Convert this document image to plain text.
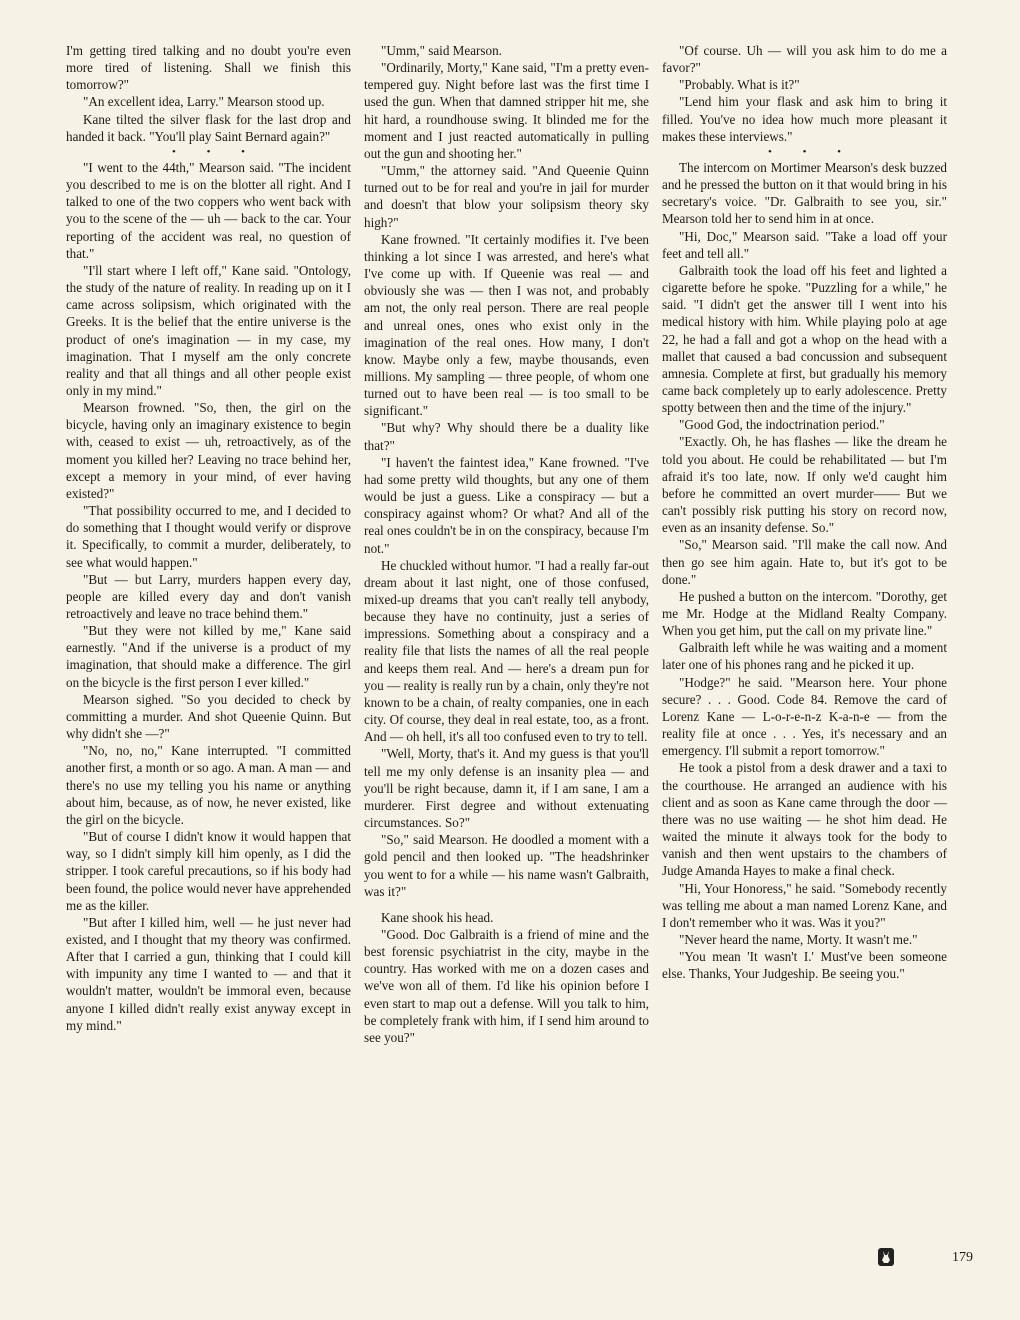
I'm getting tired talking and no doubt you're even more tired of listening. Shall we finish this tomorrow?"

"An excellent idea, Larry." Mearson stood up.

Kane tilted the silver flask for the last drop and handed it back. "You'll play Saint Bernard again?"

• • •

"I went to the 44th," Mearson said. "The incident you described to me is on the blotter all right. And I talked to one of the two coppers who went back with you to the scene of the — uh — back to the car. Your reporting of the accident was real, no question of that."

"I'll start where I left off," Kane said. "Ontology, the study of the nature of reality. In reading up on it I came across solipsism, which originated with the Greeks. It is the belief that the entire universe is the product of one's imagination — in my case, my imagination. That I myself am the only concrete reality and that all things and all other people exist only in my mind."

Mearson frowned. "So, then, the girl on the bicycle, having only an imaginary existence to begin with, ceased to exist — uh, retroactively, as of the moment you killed her? Leaving no trace behind her, except a memory in your mind, of ever having existed?"

"That possibility occurred to me, and I decided to do something that I thought would verify or disprove it. Specifically, to commit a murder, deliberately, to see what would happen."

"But — but Larry, murders happen every day, people are killed every day and don't vanish retroactively and leave no trace behind them."

"But they were not killed by me," Kane said earnestly. "And if the universe is a product of my imagination, that should make a difference. The girl on the bicycle is the first person I ever killed."

Mearson sighed. "So you decided to check by committing a murder. And shot Queenie Quinn. But why didn't she —?"

"No, no, no," Kane interrupted. "I committed another first, a month or so ago. A man. A man — and there's no use my telling you his name or anything about him, because, as of now, he never existed, like the girl on the bicycle.

"But of course I didn't know it would happen that way, so I didn't simply kill him openly, as I did the stripper. I took careful precautions, so if his body had been found, the police would never have apprehended me as the killer.

"But after I killed him, well — he just never had existed, and I thought that my theory was confirmed. After that I carried a gun, thinking that I could kill with impunity any time I wanted to — and that it wouldn't matter, wouldn't be immoral even, because anyone I killed didn't really exist anyway except in my mind."

"Umm," said Mearson.

"Ordinarily, Morty," Kane said, "I'm a pretty even-tempered guy. Night before last was the first time I used the gun. When that damned stripper hit me, she hit hard, a roundhouse swing. It blinded me for the moment and I just reacted automatically in pulling out the gun and shooting her."

"Umm," the attorney said. "And Queenie Quinn turned out to be for real and you're in jail for murder and doesn't that blow your solipsism theory sky high?"

Kane frowned. "It certainly modifies it. I've been thinking a lot since I was arrested, and here's what I've come up with. If Queenie was real — and obviously she was — then I was not, and probably am not, the only real person. There are real people and unreal ones, ones who exist only in the imagination of the real ones. How many, I don't know. Maybe only a few, maybe thousands, even millions. My sampling — three people, of whom one turned out to have been real — is too small to be significant."

"But why? Why should there be a duality like that?"

"I haven't the faintest idea," Kane frowned. "I've had some pretty wild thoughts, but any one of them would be just a guess. Like a conspiracy — but a conspiracy against whom? Or what? And all of the real ones couldn't be in on the conspiracy, because I'm not."

He chuckled without humor. "I had a really far-out dream about it last night, one of those confused, mixed-up dreams that you can't really tell anybody, because they have no continuity, just a series of impressions. Something about a conspiracy and a reality file that lists the names of all the real people and keeps them real. And — here's a dream pun for you — reality is really run by a chain, only they're not known to be a chain, of realty companies, one in each city. Of course, they deal in real estate, too, as a front. And — oh hell, it's all too confused even to try to tell.

"Well, Morty, that's it. And my guess is that you'll tell me my only defense is an insanity plea — and you'll be right because, damn it, if I am sane, I am a murderer. First degree and without extenuating circumstances. So?"

"So," said Mearson. He doodled a moment with a gold pencil and then looked up. "The headshrinker you went to for a while — his name wasn't Galbraith, was it?"

Kane shook his head.

"Good. Doc Galbraith is a friend of mine and the best forensic psychiatrist in the city, maybe in the country. Has worked with me on a dozen cases and we've won all of them. I'd like his opinion before I even start to map out a defense. Will you talk to him, be completely frank with him, if I send him around to see you?"

"Of course. Uh — will you ask him to do me a favor?"

"Probably. What is it?"

"Lend him your flask and ask him to bring it filled. You've no idea how much more pleasant it makes these interviews."

• • •

The intercom on Mortimer Mearson's desk buzzed and he pressed the button on it that would bring in his secretary's voice. "Dr. Galbraith to see you, sir." Mearson told her to send him in at once.

"Hi, Doc," Mearson said. "Take a load off your feet and tell all."

Galbraith took the load off his feet and lighted a cigarette before he spoke. "Puzzling for a while," he said. "I didn't get the answer till I went into his medical history with him. While playing polo at age 22, he had a fall and got a whop on the head with a mallet that caused a bad concussion and subsequent amnesia. Complete at first, but gradually his memory came back completely up to early adolescence. Pretty spotty between then and the time of the injury."

"Good God, the indoctrination period."

"Exactly. Oh, he has flashes — like the dream he told you about. He could be rehabilitated — but I'm afraid it's too late, now. If only we'd caught him before he committed an overt murder—— But we can't possibly risk putting his story on record now, even as an insanity defense. So."

"So," Mearson said. "I'll make the call now. And then go see him again. Hate to, but it's got to be done."

He pushed a button on the intercom. "Dorothy, get me Mr. Hodge at the Midland Realty Company. When you get him, put the call on my private line."

Galbraith left while he was waiting and a moment later one of his phones rang and he picked it up.

"Hodge?" he said. "Mearson here. Your phone secure? . . . Good. Code 84. Remove the card of Lorenz Kane — L-o-r-e-n-z K-a-n-e — from the reality file at once . . . Yes, it's necessary and an emergency. I'll submit a report tomorrow."

He took a pistol from a desk drawer and a taxi to the courthouse. He arranged an audience with his client and as soon as Kane came through the door — there was no use waiting — he shot him dead. He waited the minute it always took for the body to vanish and then went upstairs to the chambers of Judge Amanda Hayes to make a final check.

"Hi, Your Honoress," he said. "Somebody recently was telling me about a man named Lorenz Kane, and I don't remember who it was. Was it you?"

"Never heard the name, Morty. It wasn't me."

"You mean 'It wasn't I.' Must've been someone else. Thanks, Your Judgeship. Be seeing you."

179
